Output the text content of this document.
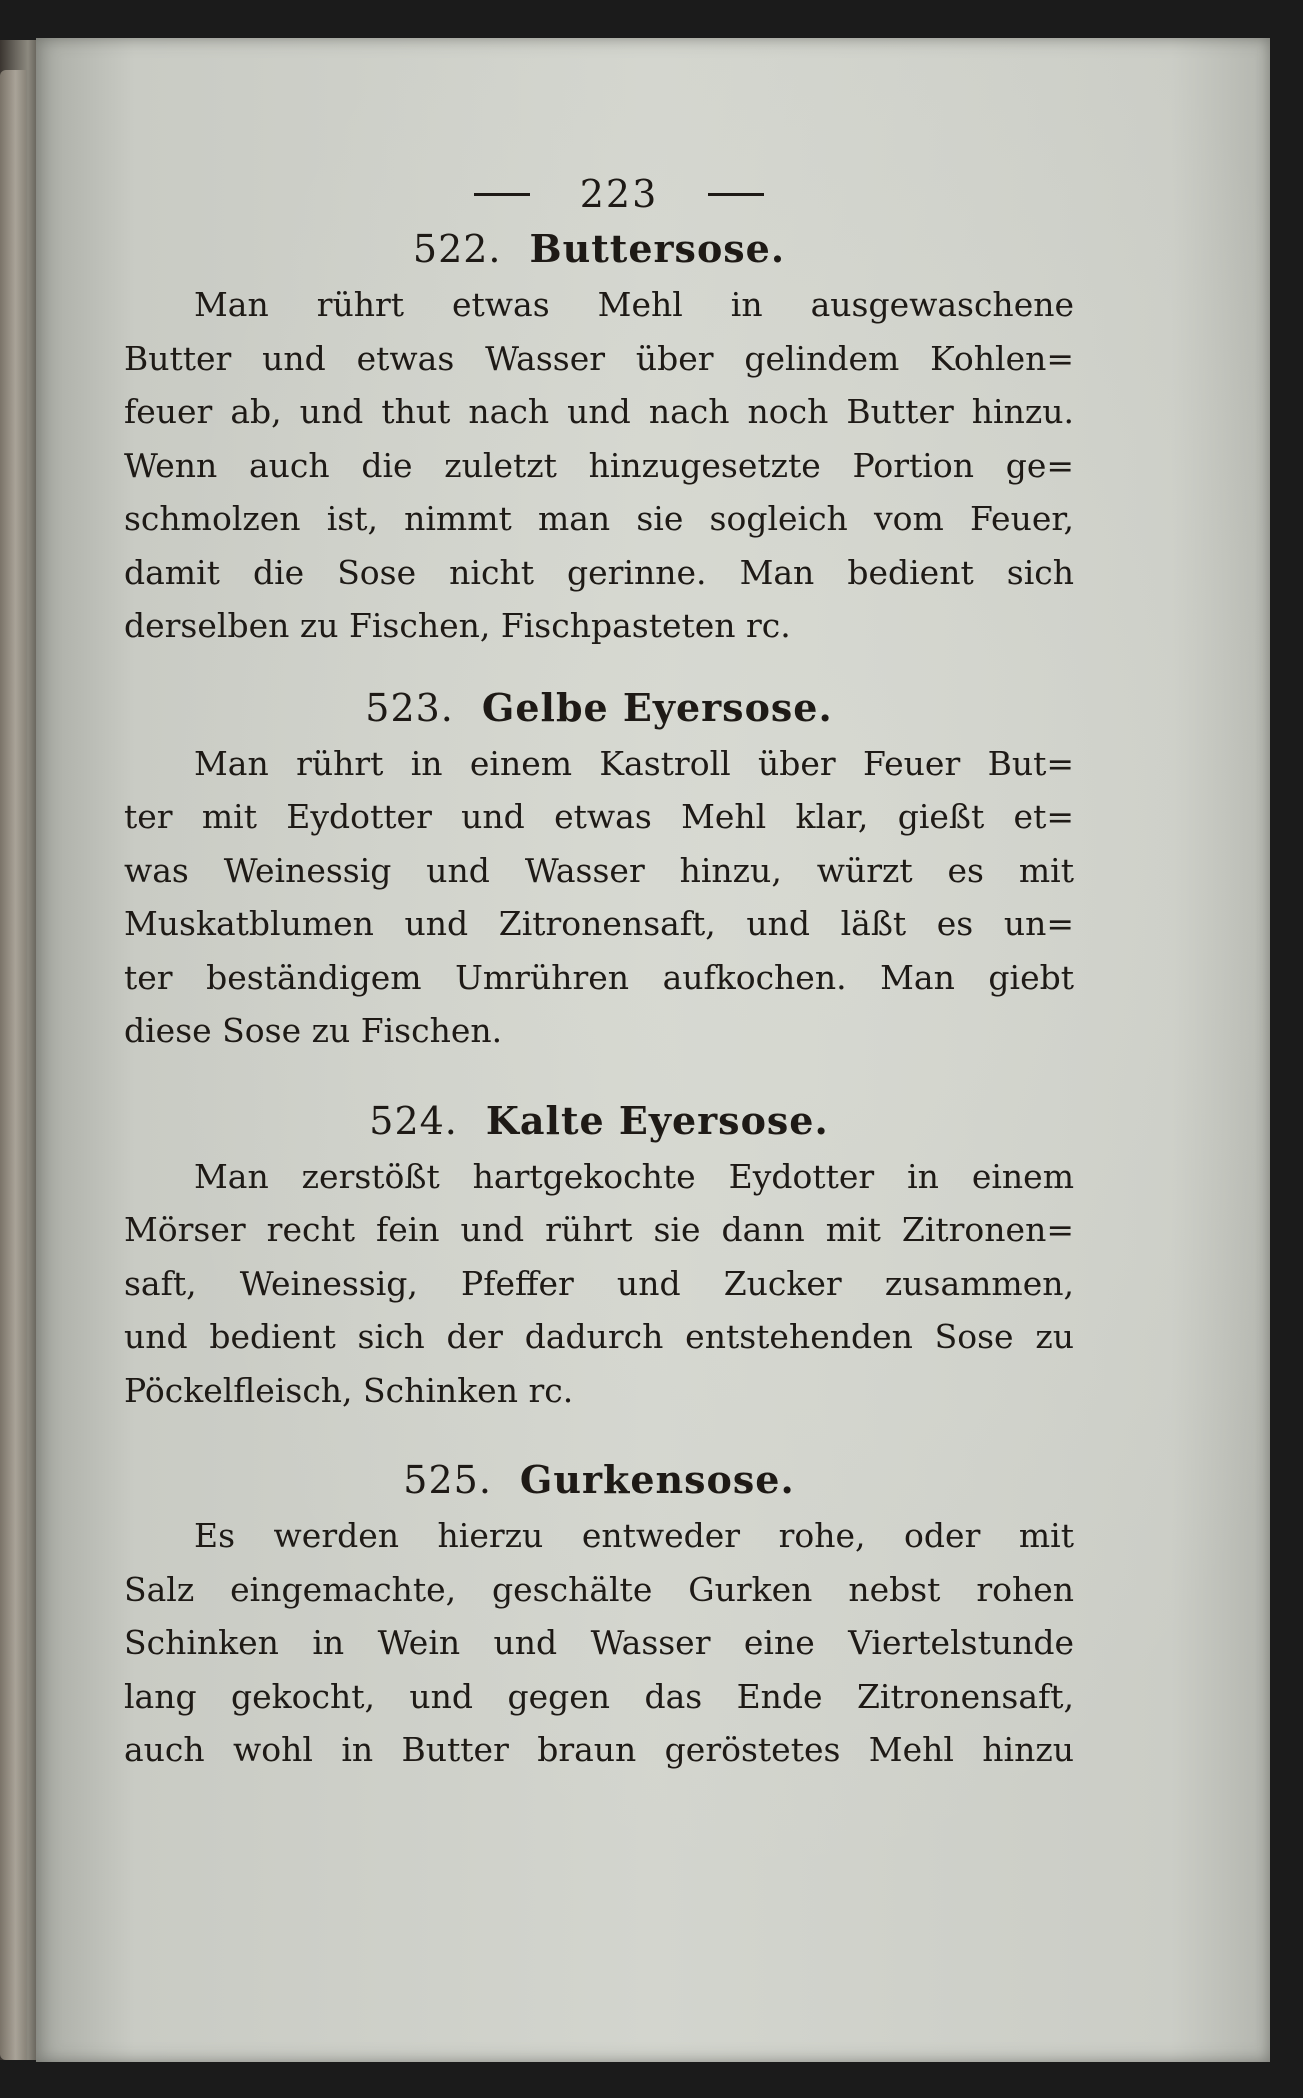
223
522. Buttersose.

Man rührt etwas Mehl in ausgewaschene
Butter und etwas Wasser über gelindem Kohlen=
feuer ab, und thut nach und nach noch Butter hinzu.
Wenn auch die zuletzt hinzugesetzte Portion ge=
schmolzen ist, nimmt man sie sogleich vom Feuer,
damit die Sose nicht gerinne. Man bedient sich
derselben zu Fischen, Fischpasteten rc.

523. Gelbe Eyersose.

Man rührt in einem Kastroll über Feuer But=
ter mit Eydotter und etwas Mehl klar, gießt et=
was Weinessig und Wasser hinzu, würzt es mit
Muskatblumen und Zitronensaft, und läßt es un=
ter beständigem Umrühren aufkochen. Man giebt
diese Sose zu Fischen.

524. Kalte Eyersose.

Man zerstößt hartgekochte Eydotter in einem
Mörser recht fein und rührt sie dann mit Zitronen=
saft, Weinessig, Pfeffer und Zucker zusammen,
und bedient sich der dadurch entstehenden Sose zu
Pöckelfleisch, Schinken rc.

525. Gurkensose.

Es werden hierzu entweder rohe, oder mit
Salz eingemachte, geschälte Gurken nebst rohen
Schinken in Wein und Wasser eine Viertelstunde
lang gekocht, und gegen das Ende Zitronensaft,
auch wohl in Butter braun geröstetes Mehl hinzu
